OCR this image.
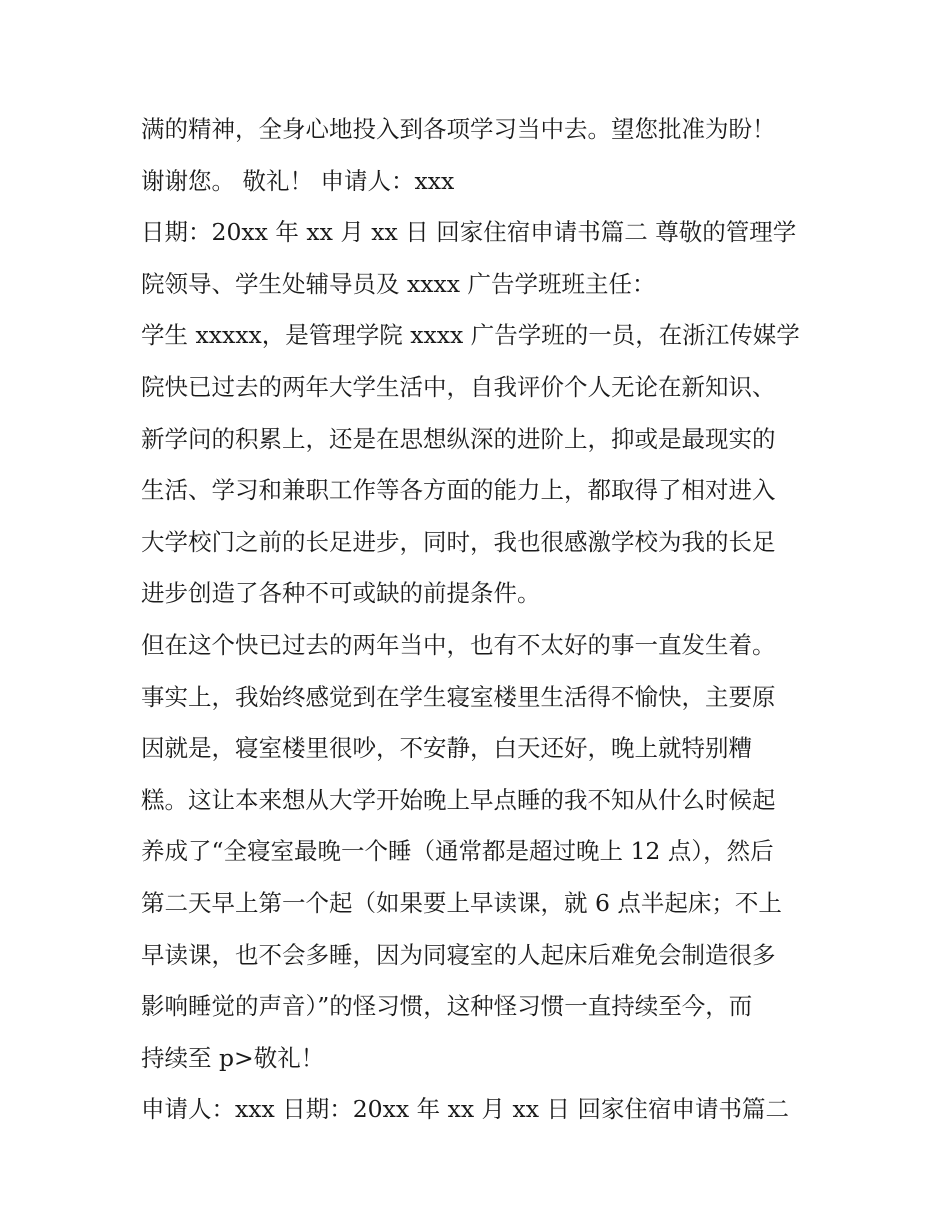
满的精神，全身心地投入到各项学习当中去。望您批准为盼！
谢谢您。 敬礼！ 申请人：xxx
日期：20xx 年 xx 月 xx 日 回家住宿申请书篇二 尊敬的管理学
院领导、学生处辅导员及 xxxx 广告学班班主任：
学生 xxxxx，是管理学院 xxxx 广告学班的一员，在浙江传媒学
院快已过去的两年大学生活中，自我评价个人无论在新知识、
新学问的积累上，还是在思想纵深的进阶上，抑或是最现实的
生活、学习和兼职工作等各方面的能力上，都取得了相对进入
大学校门之前的长足进步，同时，我也很感激学校为我的长足
进步创造了各种不可或缺的前提条件。
但在这个快已过去的两年当中，也有不太好的事一直发生着。
事实上，我始终感觉到在学生寝室楼里生活得不愉快，主要原
因就是，寝室楼里很吵，不安静，白天还好，晚上就特别糟
糕。这让本来想从大学开始晚上早点睡的我不知从什么时候起
养成了“全寝室最晚一个睡（通常都是超过晚上 12 点），然后
第二天早上第一个起（如果要上早读课，就 6 点半起床；不上
早读课，也不会多睡，因为同寝室的人起床后难免会制造很多
影响睡觉的声音）”的怪习惯，这种怪习惯一直持续至今，而
持续至 p>敬礼！
申请人：xxx 日期：20xx 年 xx 月 xx 日 回家住宿申请书篇二
